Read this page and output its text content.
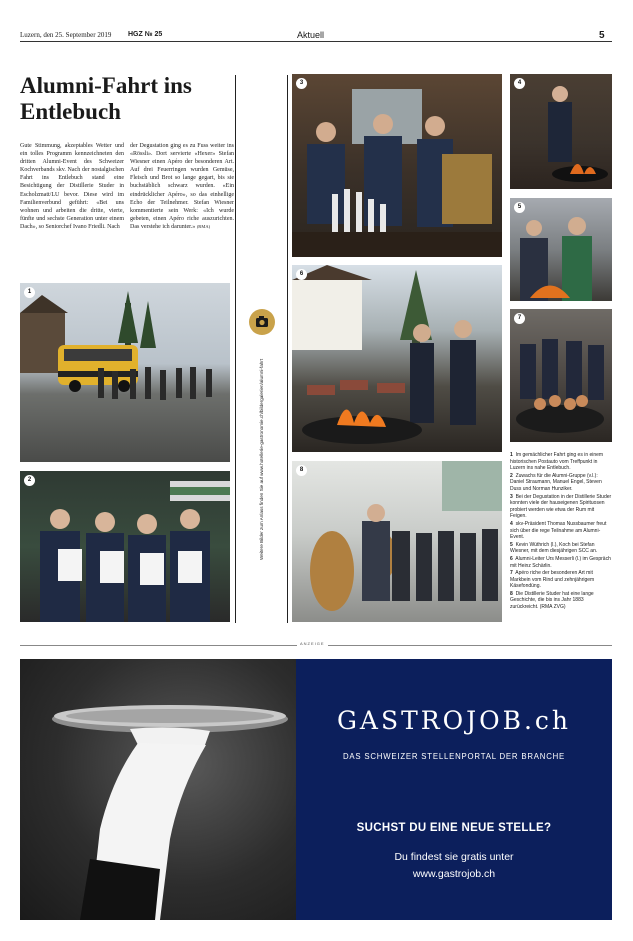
Luzern, den 25. September 2019 HGZ № 25	Aktuell	5
Alumni-Fahrt ins Entlebuch
Gute Stimmung, akzeptables Wetter und ein tolles Programm kennzeichneten den dritten Alumni-Event des Schweizer Kochverbands skv. Nach der nostalgischen Fahrt ins Entlebuch stand eine Besichtigung der Distillerie Studer in Escholzmatt/LU bevor. Diese wird im Familienverbund geführt: «Bei uns wohnen und arbeiten die dritte, vierte, fünfte und sechste Generation unter einem Dach», so Seniorchef Ivano Friedli. Nach
der Degustation ging es zu Fuss weiter ins «Rössli». Dort servierte «Hexer» Stefan Wiesner einen Apéro der besonderen Art. Auf drei Feuerringen wurden Gemüse, Fleisch und Brot so lange gegart, bis sie buchstäblich schwarz wurden. «Ein eindrücklicher Apéro», so das einhellige Echo der Teilnehmer. Stefan Wiesner kommentierte sein Werk: «Ich wurde gebeten, einen Apéro riche auszurichten. Das verstehe ich darunter.» (RMA)
1
2
3	4
5
6
7
8
Weitere Bilder zum Anlass finden Sie auf www.hotellerie-gastronomie.ch/bildergalerien/alumni-fahrt	1 Im gemächlicher Fahrt ging es in einem historischen Postauto vom Treffpunkt in Luzern ins nahe Entlebuch.

2 Zuwachs für die Alumni-Gruppe (v.l.): Daniel Straumann, Manuel Engel, Steven Duss und Norman Hunziker.

3 Bei der Degustation in der Distillerie Studer konnten viele der hauseigenen Spirituosen probiert werden wie etwa der Rum mit Feigen.

4 skv-Präsident Thomas Nussbaumer freut sich über die rege Teilnahme am Alumni-Event.

5 Kevin Wüthrich (l.), Koch bei Stefan Wiesner, mit dem diesjährigen SCC an.

6 Alumni-Leiter Urs Messerli (l.) im Gespräch mit Heinz Schärlin.

7 Apéro riche der besonderen Art mit Markbein vom Rind und zehnjährigem Käsefondüng.

8 Die Distillerie Studer hat eine lange Geschichte, die bis ins Jahr 1883 zurückreicht. (RMA ZVG)

ANZEIGE
GASTROJOB.ch
DAS SCHWEIZER STELLENPORTAL DER BRANCHE
SUCHST DU EINE NEUE STELLE?
Du findest sie gratis unter
www.gastrojob.ch
